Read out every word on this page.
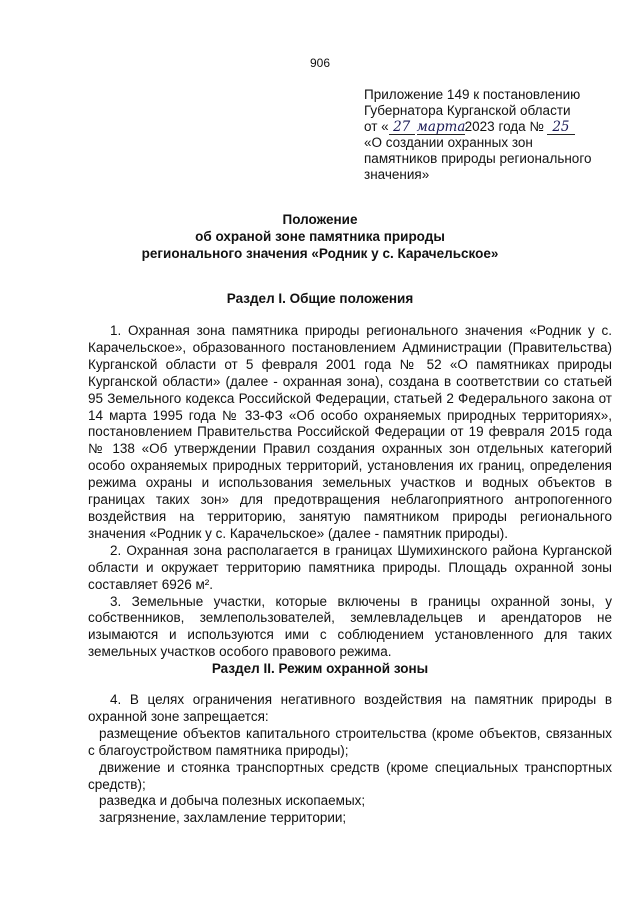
906
Приложение 149 к постановлению
Губернатора Курганской области
от « 27 марта2023 года № 25
«О создании охранных зон
памятников природы регионального
значения»
Положение
об охраной зоне памятника природы
регионального значения «Родник у с. Карачельское»
Раздел I. Общие положения

1. Охранная зона памятника природы регионального значения «Родник у с. Карачельское», образованного постановлением Администрации (Правительства) Курганской области от 5 февраля 2001 года № 52 «О памятниках природы Курганской области» (далее - охранная зона), создана в соответствии со статьей 95 Земельного кодекса Российской Федерации, статьей 2 Федерального закона от 14 марта 1995 года № 33-ФЗ «Об особо охраняемых природных территориях», постановлением Правительства Российской Федерации от 19 февраля 2015 года № 138 «Об утверждении Правил создания охранных зон отдельных категорий особо охраняемых природных территорий, установления их границ, определения режима охраны и использования земельных участков и водных объектов в границах таких зон» для предотвращения неблагоприятного антропогенного воздействия на территорию, занятую памятником природы регионального значения «Родник у с. Карачельское» (далее - памятник природы).

2. Охранная зона располагается в границах Шумихинского района Курганской области и окружает территорию памятника природы. Площадь охранной зоны составляет 6926 м².

3. Земельные участки, которые включены в границы охранной зоны, у собственников, землепользователей, землевладельцев и арендаторов не изымаются и используются ими с соблюдением установленного для таких земельных участков особого правового режима.

Раздел II. Режим охранной зоны

4. В целях ограничения негативного воздействия на памятник природы в охранной зоне запрещается:

размещение объектов капитального строительства (кроме объектов, связанных с благоустройством памятника природы);

движение и стоянка транспортных средств (кроме специальных транспортных средств);

разведка и добыча полезных ископаемых;

загрязнение, захламление территории;
